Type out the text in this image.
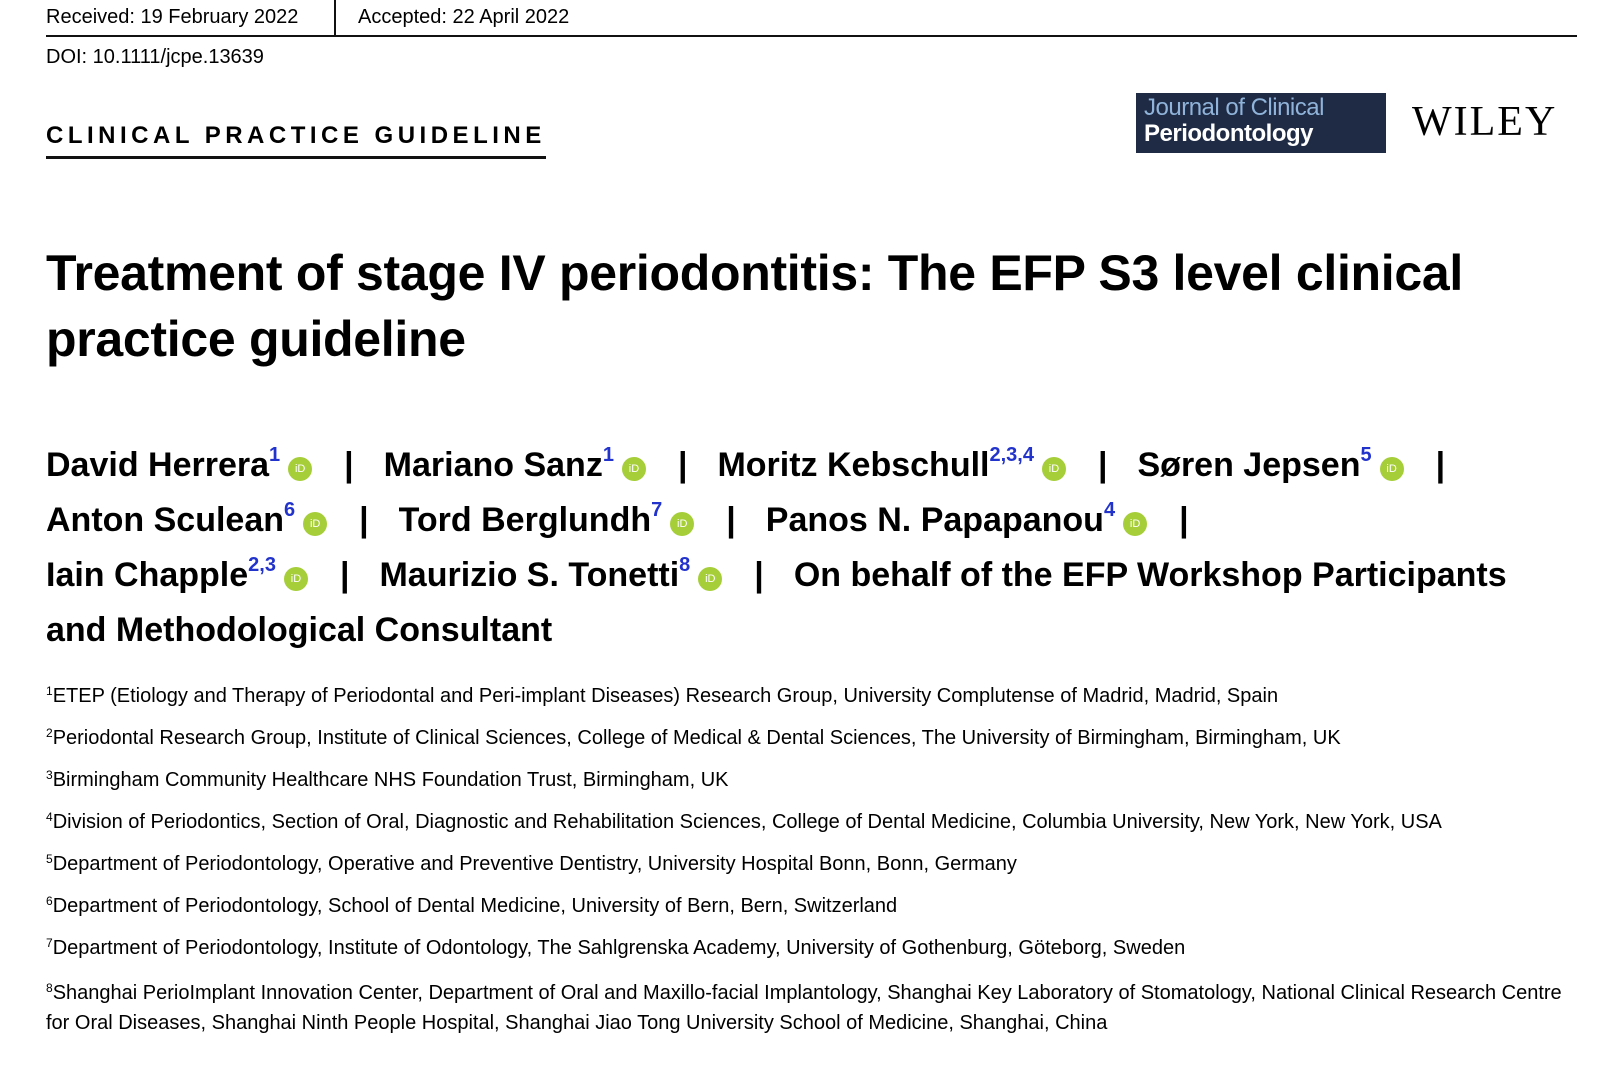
Received: 19 February 2022	Accepted: 22 April 2022
DOI: 10.1111/jcpe.13639
CLINICAL PRACTICE GUIDELINE
Journal of Clinical
Periodontology	WILEY
Treatment of stage IV periodontitis: The EFP S3 level clinical practice guideline
David Herrera$^1$iD | Mariano Sanz$^1$iD | Moritz Kebschull$^{2,3,4}$iD | Søren Jepsen$^5$iD |
Anton Sculean$^6$iD | Tord Berglundh$^7$iD | Panos N. Papapanou$^4$iD |
Iain Chapple$^{2,3}$iD | Maurizio S. Tonetti$^8$iD | On behalf of the EFP Workshop Participants and Methodological Consultant
$^1$ETEP (Etiology and Therapy of Periodontal and Peri-implant Diseases) Research Group, University Complutense of Madrid, Madrid, Spain
$^2$Periodontal Research Group, Institute of Clinical Sciences, College of Medical & Dental Sciences, The University of Birmingham, Birmingham, UK
$^3$Birmingham Community Healthcare NHS Foundation Trust, Birmingham, UK
$^4$Division of Periodontics, Section of Oral, Diagnostic and Rehabilitation Sciences, College of Dental Medicine, Columbia University, New York, New York, USA
$^5$Department of Periodontology, Operative and Preventive Dentistry, University Hospital Bonn, Bonn, Germany
$^6$Department of Periodontology, School of Dental Medicine, University of Bern, Bern, Switzerland
$^7$Department of Periodontology, Institute of Odontology, The Sahlgrenska Academy, University of Gothenburg, Göteborg, Sweden
$^8$Shanghai PerioImplant Innovation Center, Department of Oral and Maxillo-facial Implantology, Shanghai Key Laboratory of Stomatology, National Clinical Research Centre for Oral Diseases, Shanghai Ninth People Hospital, Shanghai Jiao Tong University School of Medicine, Shanghai, China
